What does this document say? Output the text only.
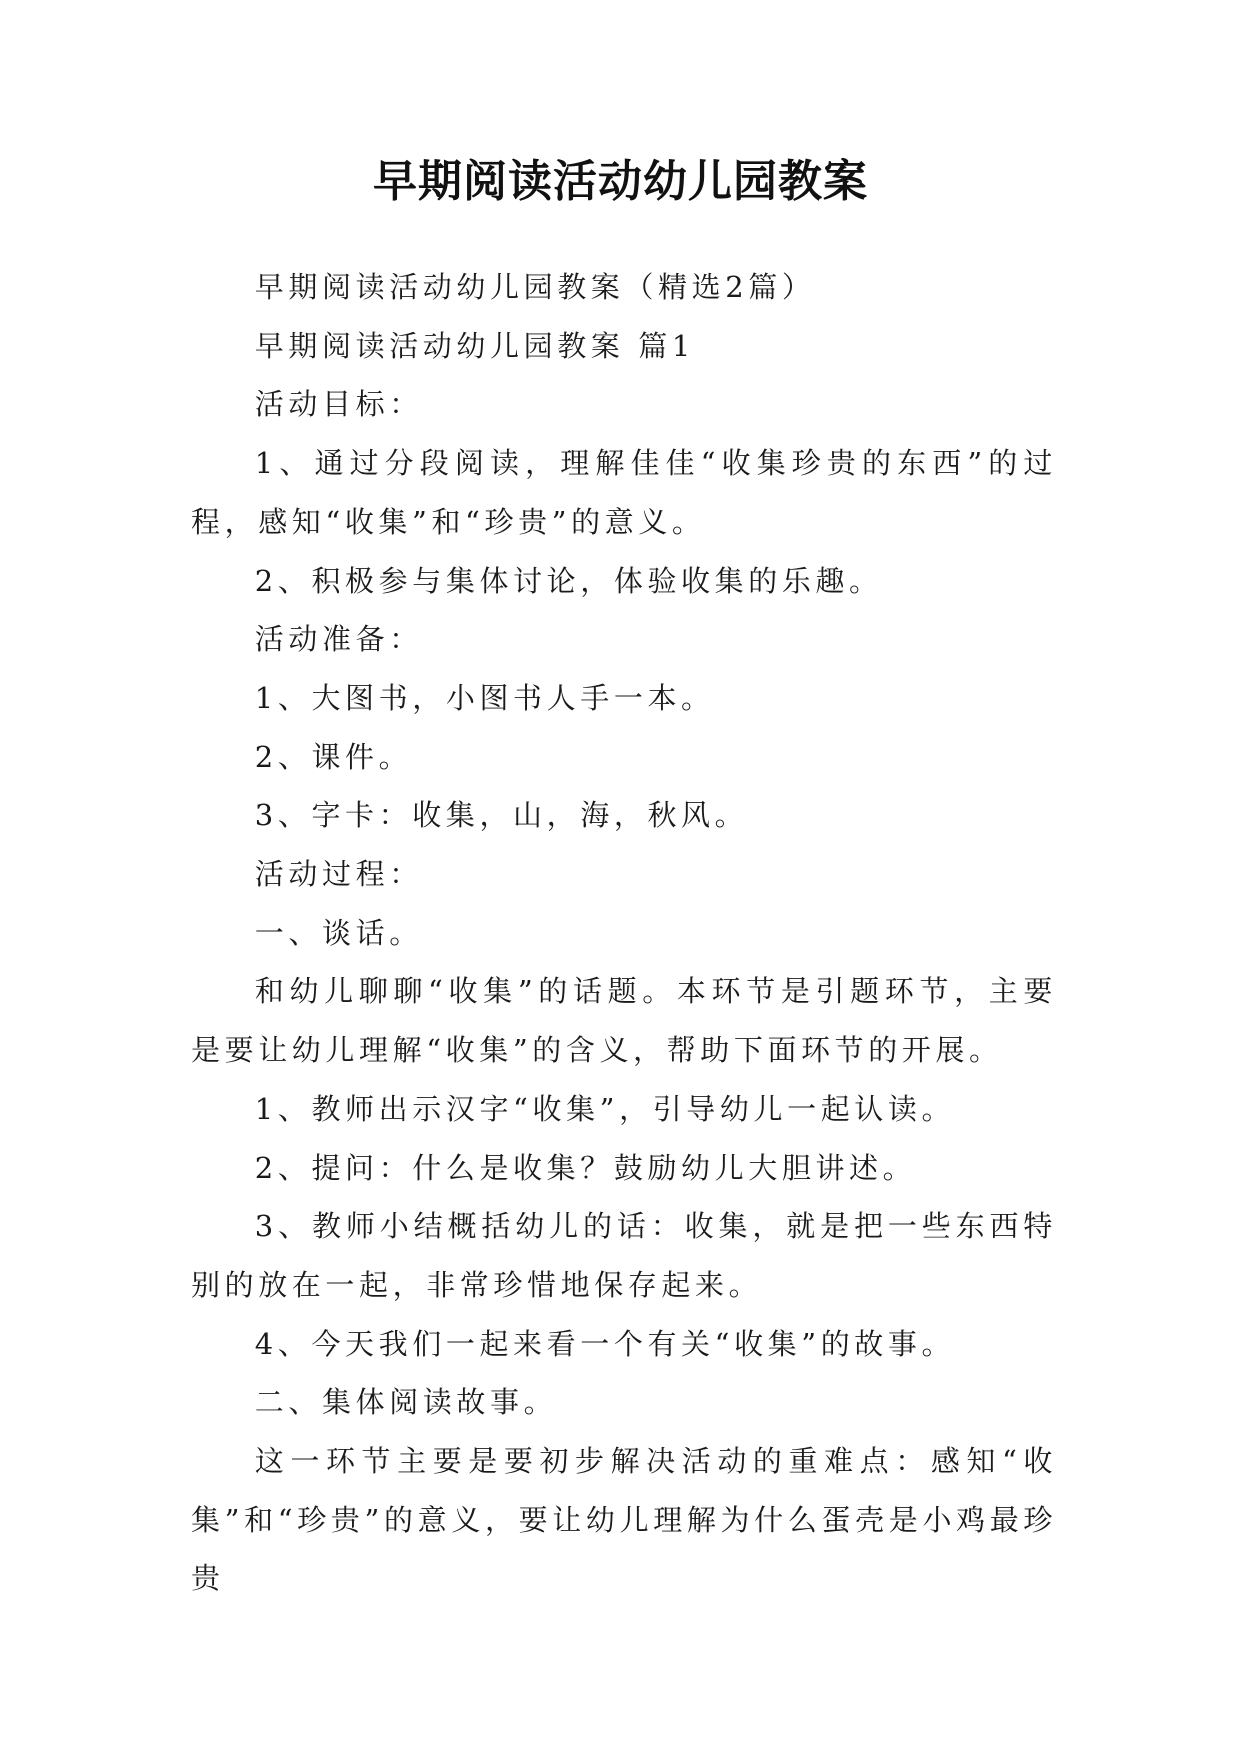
早期阅读活动幼儿园教案

早期阅读活动幼儿园教案（精选2篇）

早期阅读活动幼儿园教案 篇1

活动目标：

1、通过分段阅读，理解佳佳“收集珍贵的东西”的过程，感知“收集”和“珍贵”的意义。

2、积极参与集体讨论，体验收集的乐趣。

活动准备：

1、大图书，小图书人手一本。

2、课件。

3、字卡：收集，山，海，秋风。

活动过程：

一、谈话。

和幼儿聊聊“收集”的话题。本环节是引题环节，主要是要让幼儿理解“收集”的含义，帮助下面环节的开展。

1、教师出示汉字“收集”，引导幼儿一起认读。

2、提问：什么是收集？鼓励幼儿大胆讲述。

3、教师小结概括幼儿的话：收集，就是把一些东西特别的放在一起，非常珍惜地保存起来。

4、今天我们一起来看一个有关“收集”的故事。

二、集体阅读故事。

这一环节主要是要初步解决活动的重难点：感知“收集”和“珍贵”的意义，要让幼儿理解为什么蛋壳是小鸡最珍贵
